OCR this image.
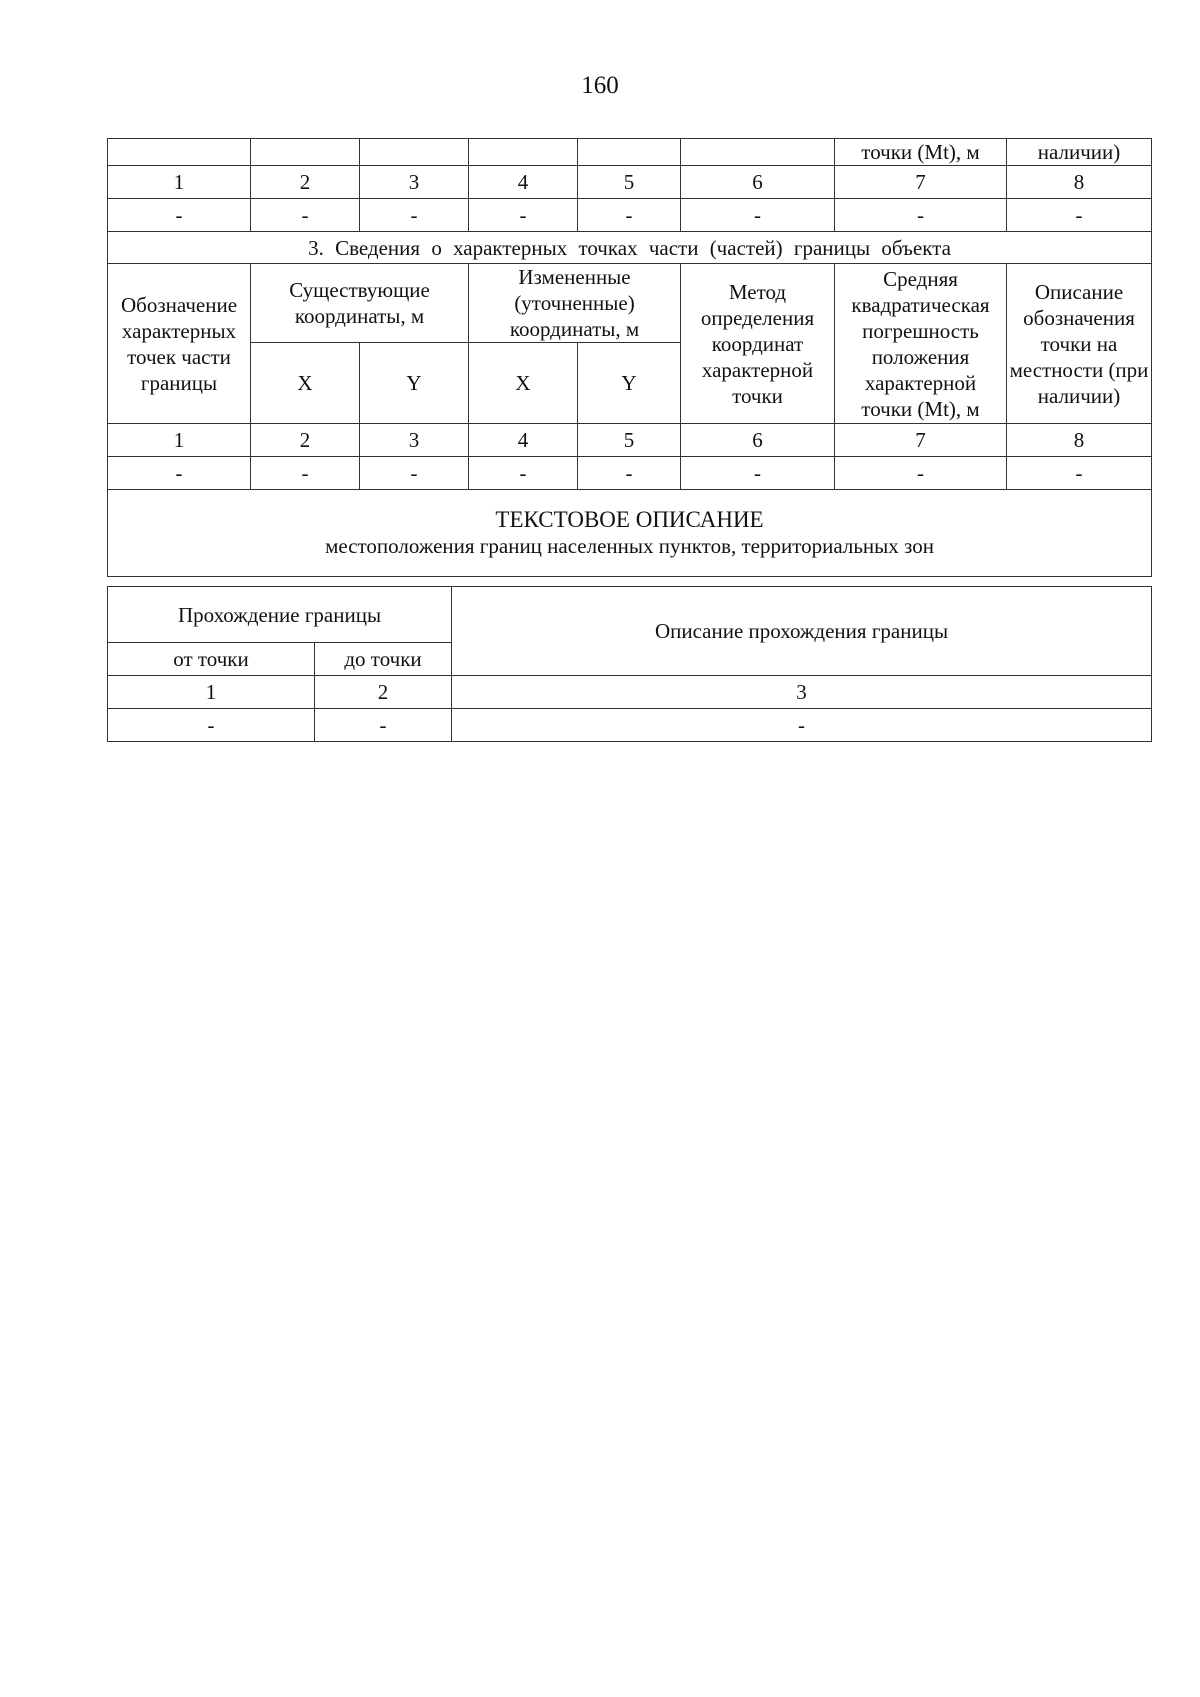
160
						точки (Mt), м	наличии)
1	2	3	4	5	6	7	8
-	-	-	-	-	-	-	-
3. Сведения о характерных точках части (частей) границы объекта							
Обозначение характерных точек части границы	Существующие координаты, м		Измененные (уточненные) координаты, м		Метод определения координат характерной точки	Средняя квадратическая погрешность положения характерной точки (Mt), м	Описание обозначения точки на местности (при наличии)
	X	Y	X	Y			
1	2	3	4	5	6	7	8
-	-	-	-	-	-	-	-

ТЕКСТОВОЕ ОПИСАНИЕ
местоположения границ населенных пунктов, территориальных зон							
Прохождение границы		Описание прохождения границы
от точки	до точки	
1	2	3
-	-	-
